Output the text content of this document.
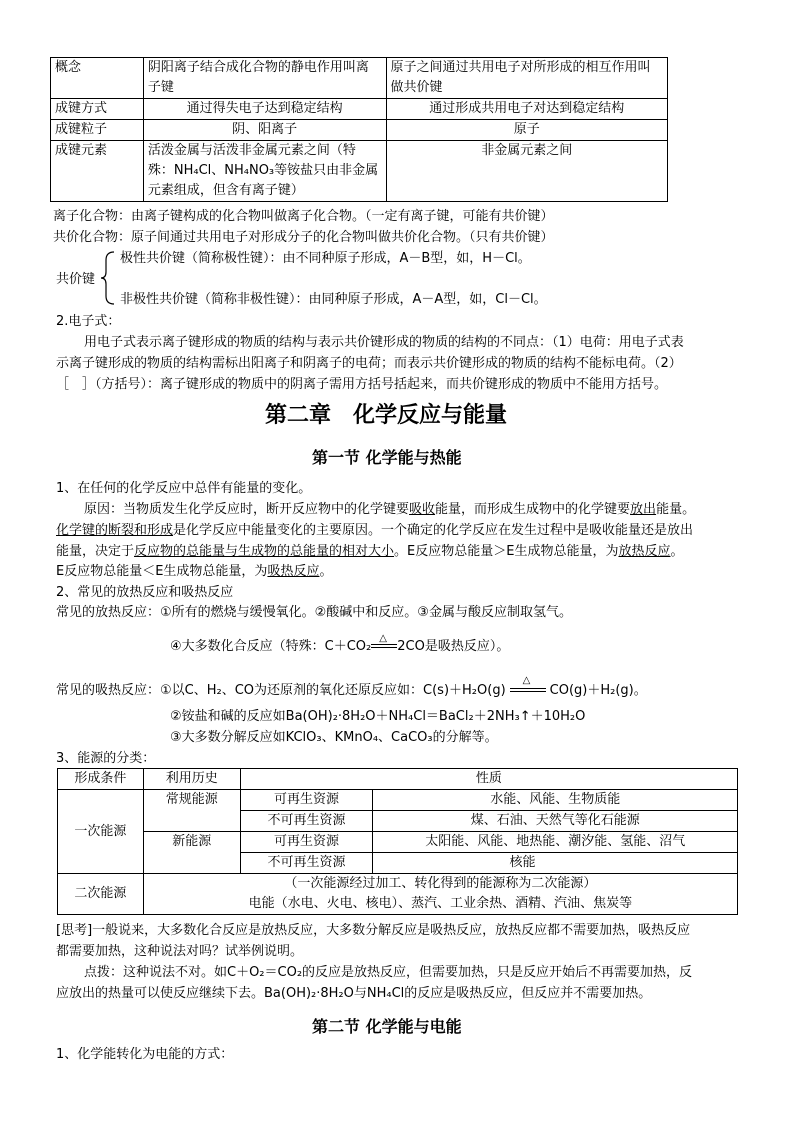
概念	阴阳离子结合成化合物的静电作用叫离子键	原子之间通过共用电子对所形成的相互作用叫做共价键
成键方式	通过得失电子达到稳定结构	通过形成共用电子对达到稳定结构
成键粒子	阴、阳离子	原子
成键元素	活泼金属与活泼非金属元素之间（特殊：NH₄Cl、NH₄NO₃等铵盐只由非金属元素组成，但含有离子键）	非金属元素之间
离子化合物：由离子键构成的化合物叫做离子化合物。（一定有离子键，可能有共价键）
共价化合物：原子间通过共用电子对形成分子的化合物叫做共价化合物。（只有共价键）
共价键
极性共价键（简称极性键）：由不同种原子形成，A－B型，如，H－Cl。
非极性共价键（简称非极性键）：由同种原子形成，A－A型，如，Cl－Cl。
2.电子式：
用电子式表示离子键形成的物质的结构与表示共价键形成的物质的结构的不同点：（1）电荷：用电子式表
示离子键形成的物质的结构需标出阳离子和阴离子的电荷；而表示共价键形成的物质的结构不能标电荷。（2）
［　］（方括号）：离子键形成的物质中的阴离子需用方括号括起来，而共价键形成的物质中不能用方括号。
第二章　化学反应与能量
第一节 化学能与热能
1、在任何的化学反应中总伴有能量的变化。
原因：当物质发生化学反应时，断开反应物中的化学键要吸收能量，而形成生成物中的化学键要放出能量。
化学键的断裂和形成是化学反应中能量变化的主要原因。一个确定的化学反应在发生过程中是吸收能量还是放出
能量，决定于反应物的总能量与生成物的总能量的相对大小。E反应物总能量＞E生成物总能量，为放热反应。
E反应物总能量＜E生成物总能量，为吸热反应。
2、常见的放热反应和吸热反应
常见的放热反应：①所有的燃烧与缓慢氧化。②酸碱中和反应。③金属与酸反应制取氢气。
④大多数化合反应（特殊：C＋CO₂
△
2CO是吸热反应）。
常见的吸热反应：①以C、H₂、CO为还原剂的氧化还原反应如：C(s)＋H₂O(g)
△
CO(g)＋H₂(g)。
②铵盐和碱的反应如Ba(OH)₂·8H₂O＋NH₄Cl＝BaCl₂＋2NH₃↑＋10H₂O
③大多数分解反应如KClO₃、KMnO₄、CaCO₃的分解等。
3、能源的分类：
形成条件	利用历史	性质	
一次能源	常规能源	可再生资源	水能、风能、生物质能
		不可再生资源	煤、石油、天然气等化石能源
	新能源	可再生资源	太阳能、风能、地热能、潮汐能、氢能、沼气
		不可再生资源	核能
二次能源	（一次能源经过加工、转化得到的能源称为二次能源）
电能（水电、火电、核电）、蒸汽、工业余热、酒精、汽油、焦炭等		
[思考]一般说来，大多数化合反应是放热反应，大多数分解反应是吸热反应，放热反应都不需要加热，吸热反应
都需要加热，这种说法对吗？试举例说明。
点拨：这种说法不对。如C＋O₂＝CO₂的反应是放热反应，但需要加热，只是反应开始后不再需要加热，反
应放出的热量可以使反应继续下去。Ba(OH)₂·8H₂O与NH₄Cl的反应是吸热反应，但反应并不需要加热。
第二节 化学能与电能
1、化学能转化为电能的方式：
